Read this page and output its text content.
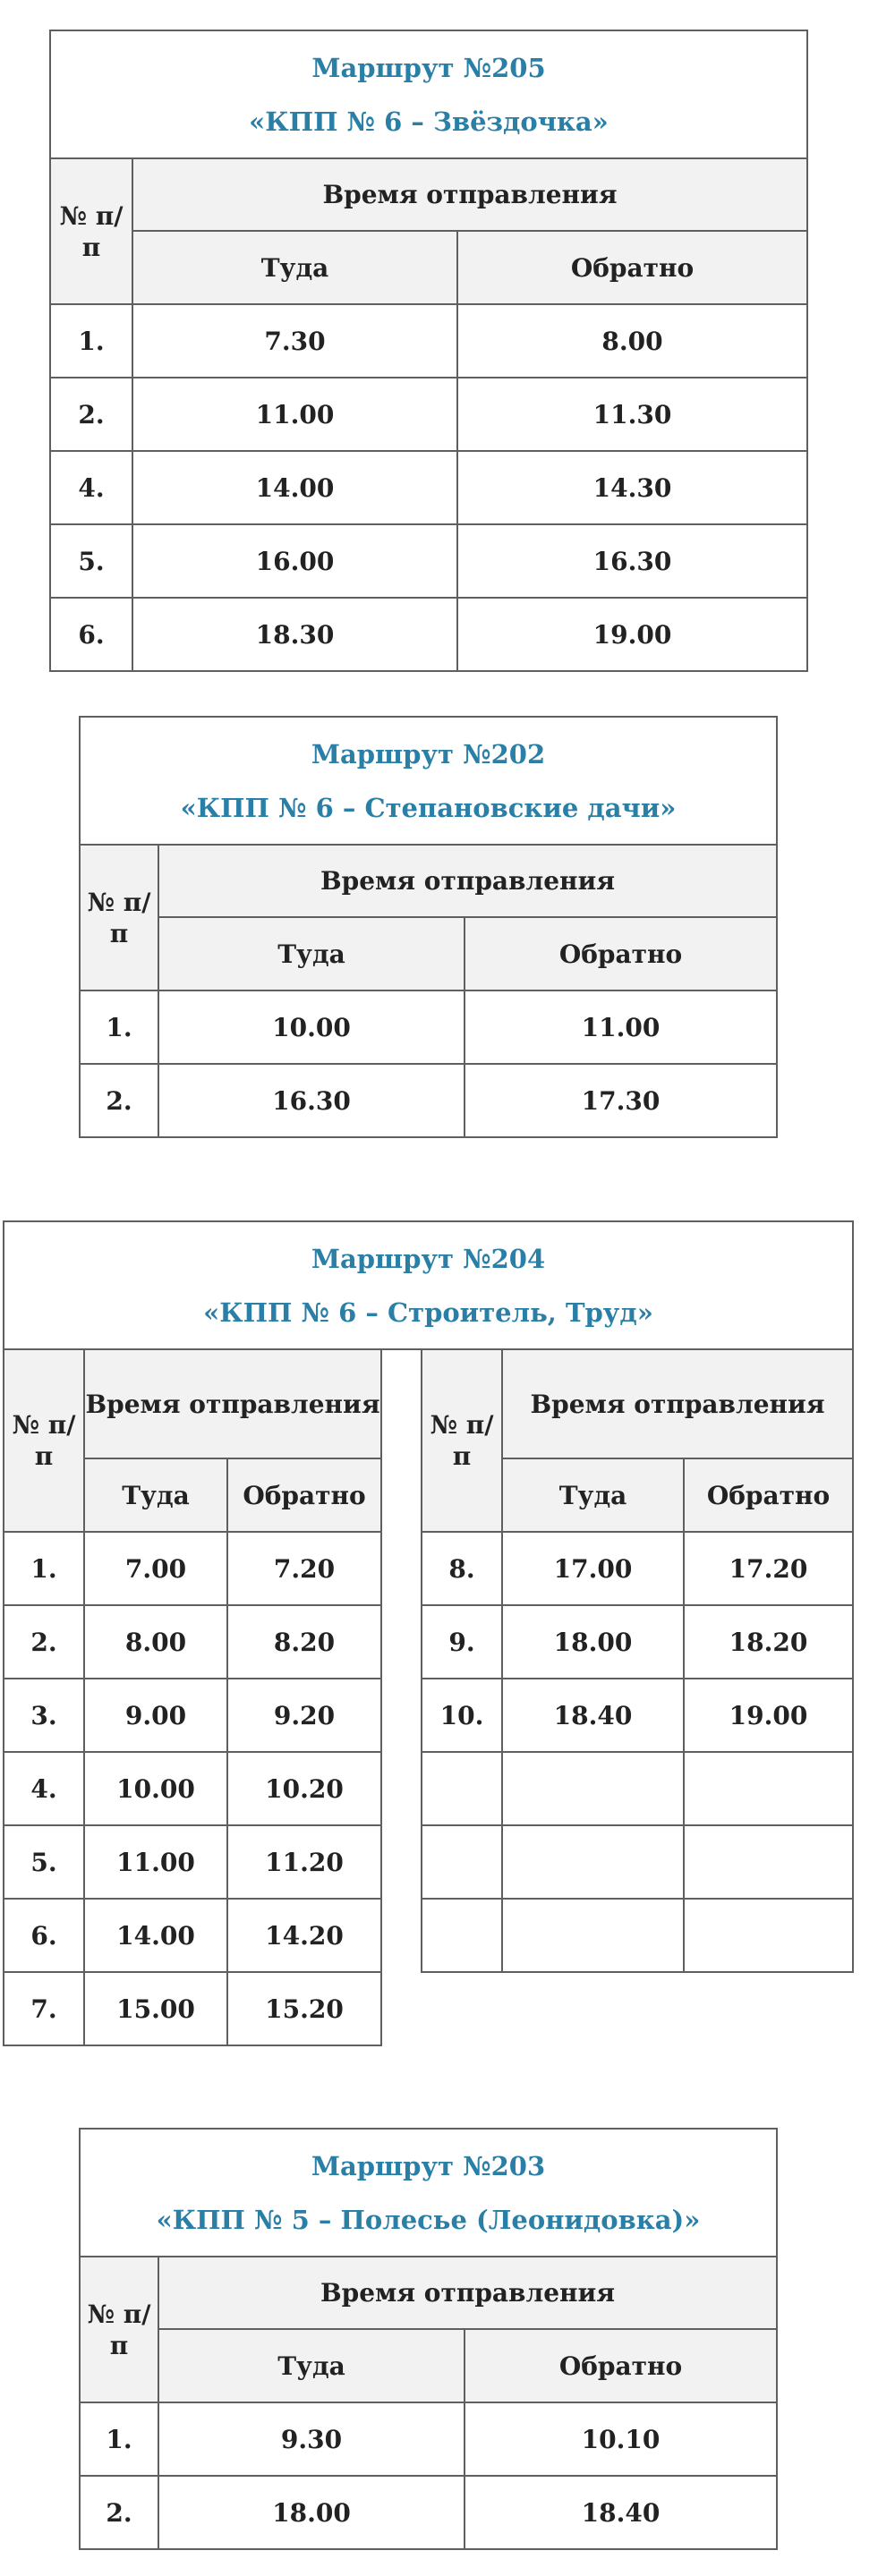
Маршрут №205
«КПП № 6 – Звёздочка»		

№ п/п	Время отправления	
	Туда	Обратно
1.	7.30	8.00
2.	11.00	11.30
4.	14.00	14.30
5.	16.00	16.30
6.	18.30	19.00
Маршрут №202
«КПП № 6 – Степановские дачи»		

№ п/п	Время отправления	
	Туда	Обратно
1.	10.00	11.00
2.	16.30	17.30
Маршрут №204
«КПП № 6 – Строитель, Труд»						

№ п/п	Время отправления			№ п/п	Время отправления	
	Туда	Обратно			Туда	Обратно
1.	7.00	7.20		8.	17.00	17.20
2.	8.00	8.20		9.	18.00	18.20
3.	9.00	9.20		10.	18.40	19.00
4.	10.00	10.20				
5.	11.00	11.20				
6.	14.00	14.20				
7.	15.00	15.20				
Маршрут №203
«КПП № 5 – Полесье (Леонидовка)»		

№ п/п	Время отправления	
	Туда	Обратно
1.	9.30	10.10
2.	18.00	18.40
